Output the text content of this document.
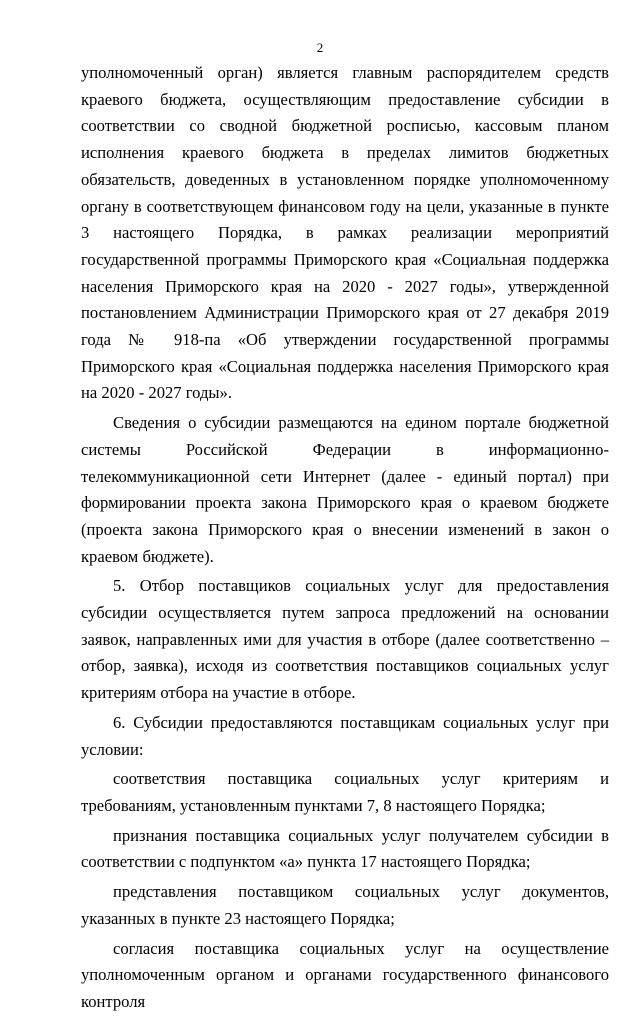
2

уполномоченный орган) является главным распорядителем средств краевого бюджета, осуществляющим предоставление субсидии в соответствии со сводной бюджетной росписью, кассовым планом исполнения краевого бюджета в пределах лимитов бюджетных обязательств, доведенных в установленном порядке уполномоченному органу в соответствующем финансовом году на цели, указанные в пункте 3 настоящего Порядка, в рамках реализации мероприятий государственной программы Приморского края «Социальная поддержка населения Приморского края на 2020 - 2027 годы», утвержденной постановлением Администрации Приморского края от 27 декабря 2019 года № 918-па «Об утверждении государственной программы Приморского края «Социальная поддержка населения Приморского края на 2020 - 2027 годы».

Сведения о субсидии размещаются на едином портале бюджетной системы Российской Федерации в информационно-телекоммуникационной сети Интернет (далее - единый портал) при формировании проекта закона Приморского края о краевом бюджете (проекта закона Приморского края о внесении изменений в закон о краевом бюджете).

5. Отбор поставщиков социальных услуг для предоставления субсидии осуществляется путем запроса предложений на основании заявок, направленных ими для участия в отборе (далее соответственно – отбор, заявка), исходя из соответствия поставщиков социальных услуг критериям отбора на участие в отборе.

6. Субсидии предоставляются поставщикам социальных услуг при условии:

соответствия поставщика социальных услуг критериям и требованиям, установленным пунктами 7, 8 настоящего Порядка;

признания поставщика социальных услуг получателем субсидии в соответствии с подпунктом «а» пункта 17 настоящего Порядка;

представления поставщиком социальных услуг документов, указанных в пункте 23 настоящего Порядка;

согласия поставщика социальных услуг на осуществление уполномоченным органом и органами государственного финансового контроля
